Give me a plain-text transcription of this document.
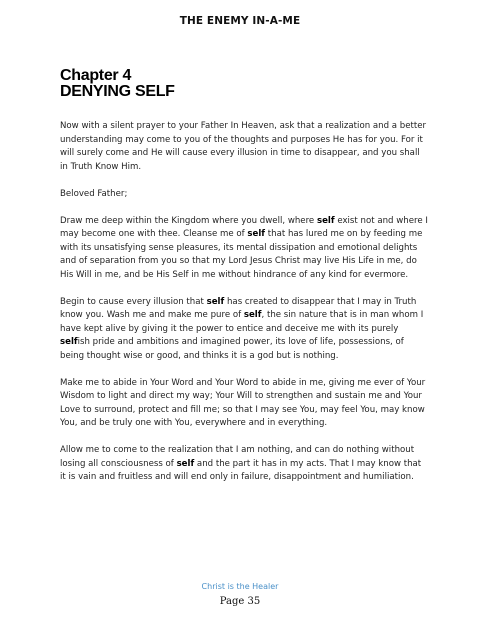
THE ENEMY IN-A-ME
Chapter 4
DENYING SELF

Now with a silent prayer to your Father In Heaven, ask that a realization and a better understanding may come to you of the thoughts and purposes He has for you. For it will surely come and He will cause every illusion in time to disappear, and you shall in Truth Know Him.

Beloved Father;

Draw me deep within the Kingdom where you dwell, where self exist not and where I may become one with thee. Cleanse me of self that has lured me on by feeding me with its unsatisfying sense pleasures, its mental dissipation and emotional delights and of separation from you so that my Lord Jesus Christ may live His Life in me, do His Will in me, and be His Self in me without hindrance of any kind for evermore.

Begin to cause every illusion that self has created to disappear that I may in Truth know you. Wash me and make me pure of self, the sin nature that is in man whom I have kept alive by giving it the power to entice and deceive me with its purely selfish pride and ambitions and imagined power, its love of life, possessions, of being thought wise or good, and thinks it is a god but is nothing.

Make me to abide in Your Word and Your Word to abide in me, giving me ever of Your Wisdom to light and direct my way; Your Will to strengthen and sustain me and Your Love to surround, protect and fill me; so that I may see You, may feel You, may know You, and be truly one with You, everywhere and in everything.

Allow me to come to the realization that I am nothing, and can do nothing without losing all consciousness of self and the part it has in my acts. That I may know that it is vain and fruitless and will end only in failure, disappointment and humiliation.

Christ is the Healer
Page 35
